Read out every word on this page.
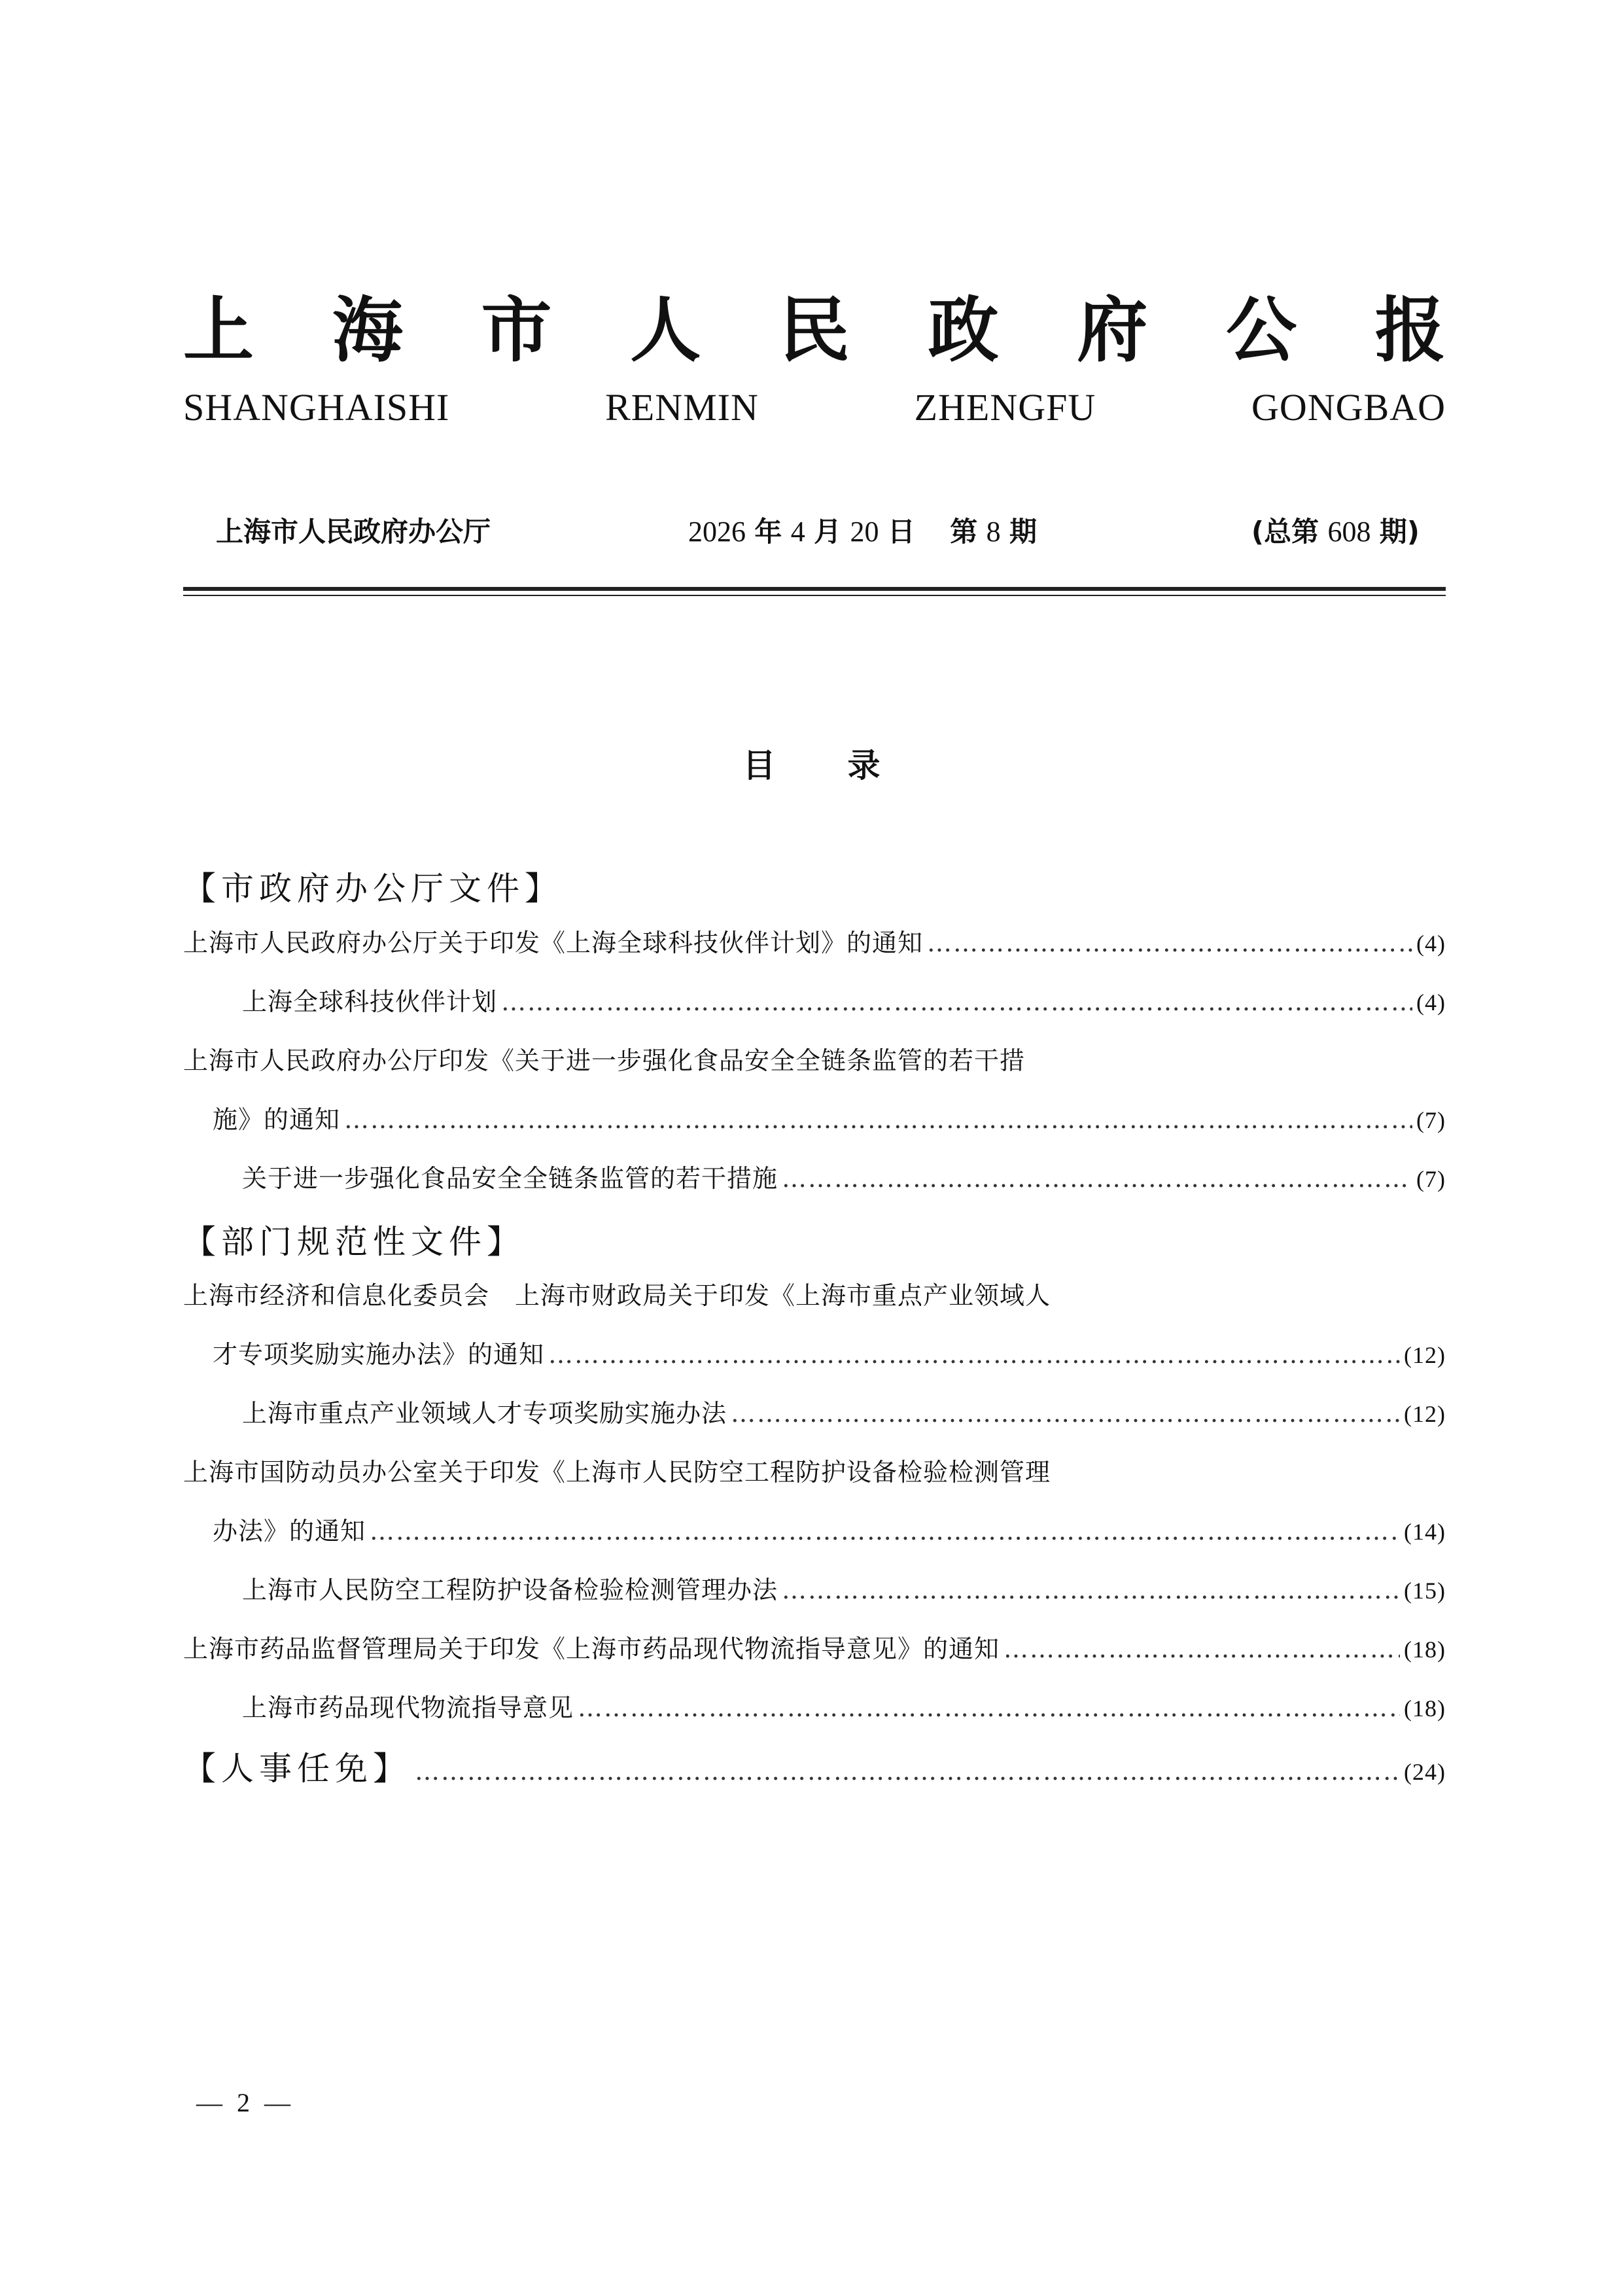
上 海 市 人 民 政 府 公 报
SHANGHAISHI	RENMIN	ZHENGFU	GONGBAO
上海市人民政府办公厅	2026 年 4 月 20 日 第 8 期	(总第 608 期)
目录
【市政府办公厅文件】
上海市人民政府办公厅关于印发《上海全球科技伙伴计划》的通知 ……………………………………………………………………………………………………………………………………………………………………………………………………………	(4)
上海全球科技伙伴计划 ……………………………………………………………………………………………………………………………………………………………………………………………………………	(4)
上海市人民政府办公厅印发《关于进一步强化食品安全全链条监管的若干措
施》的通知 ……………………………………………………………………………………………………………………………………………………………………………………………………………	(7)
关于进一步强化食品安全全链条监管的若干措施 ……………………………………………………………………………………………………………………………………………………………………………………………………………	(7)
【部门规范性文件】
上海市经济和信息化委员会　上海市财政局关于印发《上海市重点产业领域人
才专项奖励实施办法》的通知 ……………………………………………………………………………………………………………………………………………………………………………………………………………	(12)
上海市重点产业领域人才专项奖励实施办法 ……………………………………………………………………………………………………………………………………………………………………………………………………………	(12)
上海市国防动员办公室关于印发《上海市人民防空工程防护设备检验检测管理
办法》的通知 ……………………………………………………………………………………………………………………………………………………………………………………………………………	(14)
上海市人民防空工程防护设备检验检测管理办法 ……………………………………………………………………………………………………………………………………………………………………………………………………………	(15)
上海市药品监督管理局关于印发《上海市药品现代物流指导意见》的通知 ……………………………………………………………………………………………………………………………………………………………………………………………………………	(18)
上海市药品现代物流指导意见 ……………………………………………………………………………………………………………………………………………………………………………………………………………	(18)
【人事任免】 ……………………………………………………………………………………………………………………………………………………………………………………………………………	(24)
— 2 —
